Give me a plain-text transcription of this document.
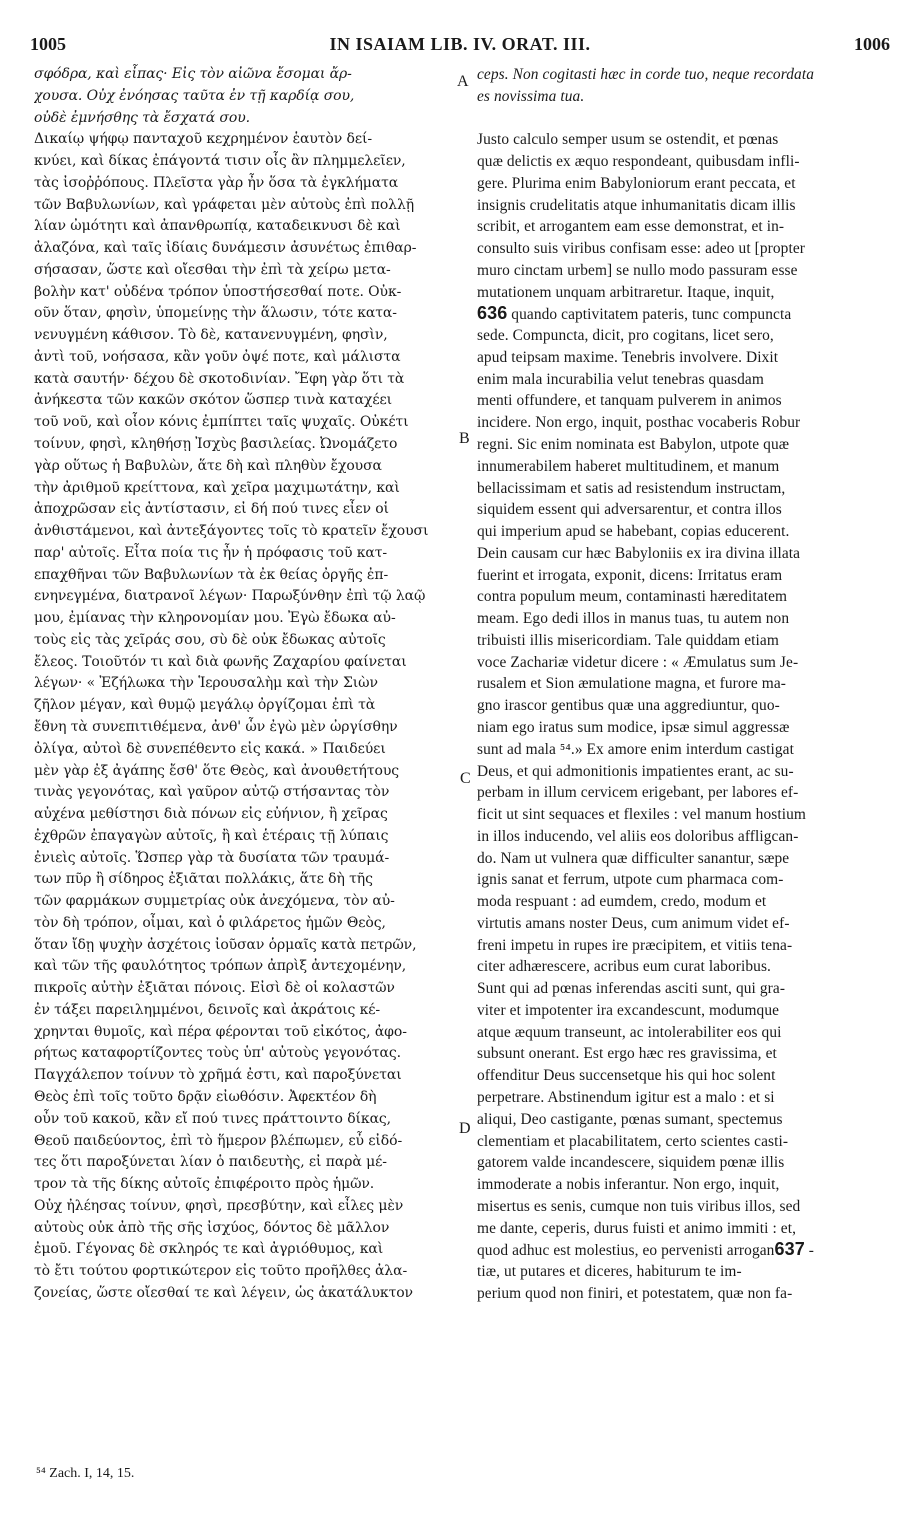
1005	IN ISAIAM LIB. IV. ORAT. III.	1006
σφόδρα, καὶ εἶπας· Εἰς τὸν αἰῶνα ἔσομαι ἄρ-
χουσα. Οὐχ ἐνόησας ταῦτα ἐν τῇ καρδίᾳ σου,
οὐδὲ ἐμνήσθης τὰ ἔσχατά σου.
Δικαίῳ ψήφῳ πανταχοῦ κεχρημένον ἑαυτὸν δεί-
κνύει, καὶ δίκας ἐπάγοντά τισιν οἷς ἂν πλημμελεῖεν,
τὰς ἰσοῤῥόπους. Πλεῖστα γὰρ ἦν ὅσα τὰ ἐγκλήματα
τῶν Βαβυλωνίων, καὶ γράφεται μὲν αὐτοὺς ἐπὶ πολλῇ
λίαν ὠμότητι καὶ ἀπανθρωπίᾳ, καταδεικνυσι δὲ καὶ
ἀλαζόνα, καὶ ταῖς ἰδίαις δυνάμεσιν ἀσυνέτως ἐπιθαρ-
σήσασαν, ὥστε καὶ οἴεσθαι τὴν ἐπὶ τὰ χείρω μετα-
βολὴν κατ' οὐδένα τρόπον ὑποστήσεσθαί ποτε. Οὐκ-
οῦν ὅταν, φησὶν, ὑπομείνῃς τὴν ἅλωσιν, τότε κατα-
νενυγμένη κάθισον. Τὸ δὲ, κατανενυγμένη, φησὶν,
ἀντὶ τοῦ, νοήσασα, κἂν γοῦν ὀψέ ποτε, καὶ μάλιστα
κατὰ σαυτήν· δέχου δὲ σκοτοδινίαν. Ἔφη γὰρ ὅτι τὰ
ἀνήκεστα τῶν κακῶν σκότον ὥσπερ τινὰ καταχέει
τοῦ νοῦ, καὶ οἷον κόνις ἐμπίπτει ταῖς ψυχαῖς. Οὐκέτι
τοίνυν, φησὶ, κληθήσῃ Ἰσχὺς βασιλείας. Ὠνομάζετο
γὰρ οὕτως ἡ Βαβυλὼν, ἅτε δὴ καὶ πληθὺν ἔχουσα
τὴν ἀριθμοῦ κρείττονα, καὶ χεῖρα μαχιμωτάτην, καὶ
ἀποχρῶσαν εἰς ἀντίστασιν, εἰ δή πού τινες εἶεν οἱ
ἀνθιστάμενοι, καὶ ἀντεξάγοντες τοῖς τὸ κρατεῖν ἔχουσι
παρ' αὐτοῖς. Εἶτα ποία τις ἦν ἡ πρόφασις τοῦ κατ-
επαχθῆναι τῶν Βαβυλωνίων τὰ ἐκ θείας ὀργῆς ἐπ-
ενηνεγμένα, διατρανοῖ λέγων· Παρωξύνθην ἐπὶ τῷ λαῷ
μου, ἐμίανας τὴν κληρονομίαν μου. Ἐγὼ ἔδωκα αὐ-
τοὺς εἰς τὰς χεῖράς σου, σὺ δὲ οὐκ ἔδωκας αὐτοῖς
ἔλεος. Τοιοῦτόν τι καὶ διὰ φωνῆς Ζαχαρίου φαίνεται
λέγων· « Ἐζήλωκα τὴν Ἱερουσαλὴμ καὶ τὴν Σιὼν
ζῆλον μέγαν, καὶ θυμῷ μεγάλῳ ὀργίζομαι ἐπὶ τὰ
ἔθνη τὰ συνεπιτιθέμενα, ἀνθ' ὧν ἐγὼ μὲν ὠργίσθην
ὀλίγα, αὐτοὶ δὲ συνεπέθεντο εἰς κακά. » Παιδεύει
μὲν γὰρ ἐξ ἀγάπης ἔσθ' ὅτε Θεὸς, καὶ ἀνουθετήτους
τινὰς γεγονότας, καὶ γαῦρον αὐτῷ στήσαντας τὸν
αὐχένα μεθίστησι διὰ πόνων εἰς εὐήνιον, ἢ χεῖρας
ἐχθρῶν ἐπαγαγὼν αὐτοῖς, ἢ καὶ ἑτέραις τῇ λύπαις
ἐνιεὶς αὐτοῖς. Ὥσπερ γὰρ τὰ δυσίατα τῶν τραυμά-
των πῦρ ἢ σίδηρος ἐξιᾶται πολλάκις, ἅτε δὴ τῆς
τῶν φαρμάκων συμμετρίας οὐκ ἀνεχόμενα, τὸν αὐ-
τὸν δὴ τρόπον, οἶμαι, καὶ ὁ φιλάρετος ἡμῶν Θεὸς,
ὅταν ἴδῃ ψυχὴν ἀσχέτοις ἰοῦσαν ὁρμαῖς κατὰ πετρῶν,
καὶ τῶν τῆς φαυλότητος τρόπων ἀπρὶξ ἀντεχομένην,
πικροῖς αὐτὴν ἐξιᾶται πόνοις. Εἰσὶ δὲ οἱ κολαστῶν
ἐν τάξει παρειλημμένοι, δεινοῖς καὶ ἀκράτοις κέ-
χρηνται θυμοῖς, καὶ πέρα φέρονται τοῦ εἰκότος, ἀφο-
ρήτως καταφορτίζοντες τοὺς ὑπ' αὐτοὺς γεγονότας.
Παγχάλεπον τοίνυν τὸ χρῆμά ἐστι, καὶ παροξύνεται
Θεὸς ἐπὶ τοῖς τοῦτο δρᾷν εἰωθόσιν. Ἀφεκτέον δὴ
οὖν τοῦ κακοῦ, κἂν εἴ πού τινες πράττοιντο δίκας,
Θεοῦ παιδεύοντος, ἐπὶ τὸ ἥμερον βλέπωμεν, εὖ εἰδό-
τες ὅτι παροξύνεται λίαν ὁ παιδευτὴς, εἰ παρὰ μέ-
τρον τὰ τῆς δίκης αὐτοῖς ἐπιφέροιτο πρὸς ἡμῶν.
Οὐχ ἠλέησας τοίνυν, φησὶ, πρεσβύτην, καὶ εἶλες μὲν
αὐτοὺς οὐκ ἀπὸ τῆς σῆς ἰσχύος, δόντος δὲ μᾶλλον
ἐμοῦ. Γέγονας δὲ σκληρός τε καὶ ἀγριόθυμος, καὶ
τὸ ἔτι τούτου φορτικώτερον εἰς τοῦτο προῆλθες ἀλα-
ζονείας, ὥστε οἴεσθαί τε καὶ λέγειν, ὡς ἀκατάλυκτον
ceps. Non cogitasti hæc in corde tuo, neque recordata
es novissima tua.
Justo calculo semper usum se ostendit, et pœnas
quæ delictis ex æquo respondeant, quibusdam infli-
gere. Plurima enim Babyloniorum erant peccata, et
insignis crudelitatis atque inhumanitatis dicam illis
scribit, et arrogantem eam esse demonstrat, et in-
consulto suis viribus confisam esse: adeo ut [propter
muro cinctam urbem] se nullo modo passuram esse
mutationem unquam arbitraretur. Itaque, inquit,
636 quando captivitatem pateris, tunc compuncta
sede. Compuncta, dicit, pro cogitans, licet sero,
apud teipsam maxime. Tenebris involvere. Dixit
enim mala incurabilia velut tenebras quasdam
menti offundere, et tanquam pulverem in animos
incidere. Non ergo, inquit, posthac vocaberis Robur
regni. Sic enim nominata est Babylon, utpote quæ
innumerabilem haberet multitudinem, et manum
bellacissimam et satis ad resistendum instructam,
siquidem essent qui adversarentur, et contra illos
qui imperium apud se habebant, copias educerent.
Dein causam cur hæc Babyloniis ex ira divina illata
fuerint et irrogata, exponit, dicens: Irritatus eram
contra populum meum, contaminasti hæreditatem
meam. Ego dedi illos in manus tuas, tu autem non
tribuisti illis misericordiam. Tale quiddam etiam
voce Zachariæ videtur dicere : « Æmulatus sum Je-
rusalem et Sion æmulatione magna, et furore ma-
gno irascor gentibus quæ una aggrediuntur, quo-
niam ego iratus sum modice, ipsæ simul aggressæ
sunt ad mala ⁵⁴.» Ex amore enim interdum castigat
Deus, et qui admonitionis impatientes erant, ac su-
perbam in illum cervicem erigebant, per labores ef-
ficit ut sint sequaces et flexiles : vel manum hostium
in illos inducendo, vel aliis eos doloribus affligcan-
do. Nam ut vulnera quæ difficulter sanantur, sæpe
ignis sanat et ferrum, utpote cum pharmaca com-
moda respuant : ad eumdem, credo, modum et
virtutis amans noster Deus, cum animum videt ef-
freni impetu in rupes ire præcipitem, et vitiis tena-
citer adhærescere, acribus eum curat laboribus.
Sunt qui ad pœnas inferendas asciti sunt, qui gra-
viter et impotenter ira excandescunt, modumque
atque æquum transeunt, ac intolerabiliter eos qui
subsunt onerant. Est ergo hæc res gravissima, et
offenditur Deus succensetque his qui hoc solent
perpetrare. Abstinendum igitur est a malo : et si
aliqui, Deo castigante, pœnas sumant, spectemus
clementiam et placabilitatem, certo scientes casti-
gatorem valde incandescere, siquidem pœnæ illis
immoderate a nobis inferantur. Non ergo, inquit,
misertus es senis, cumque non tuis viribus illos, sed
me dante, ceperis, durus fuisti et animo immiti : et,
quod adhuc est molestius, eo pervenisti arrogan637 -
tiæ, ut putares et diceres, habiturum te im-
perium quod non finiri, et potestatem, quæ non fa-
A
B
C
D
⁵⁴ Zach. I, 14, 15.
